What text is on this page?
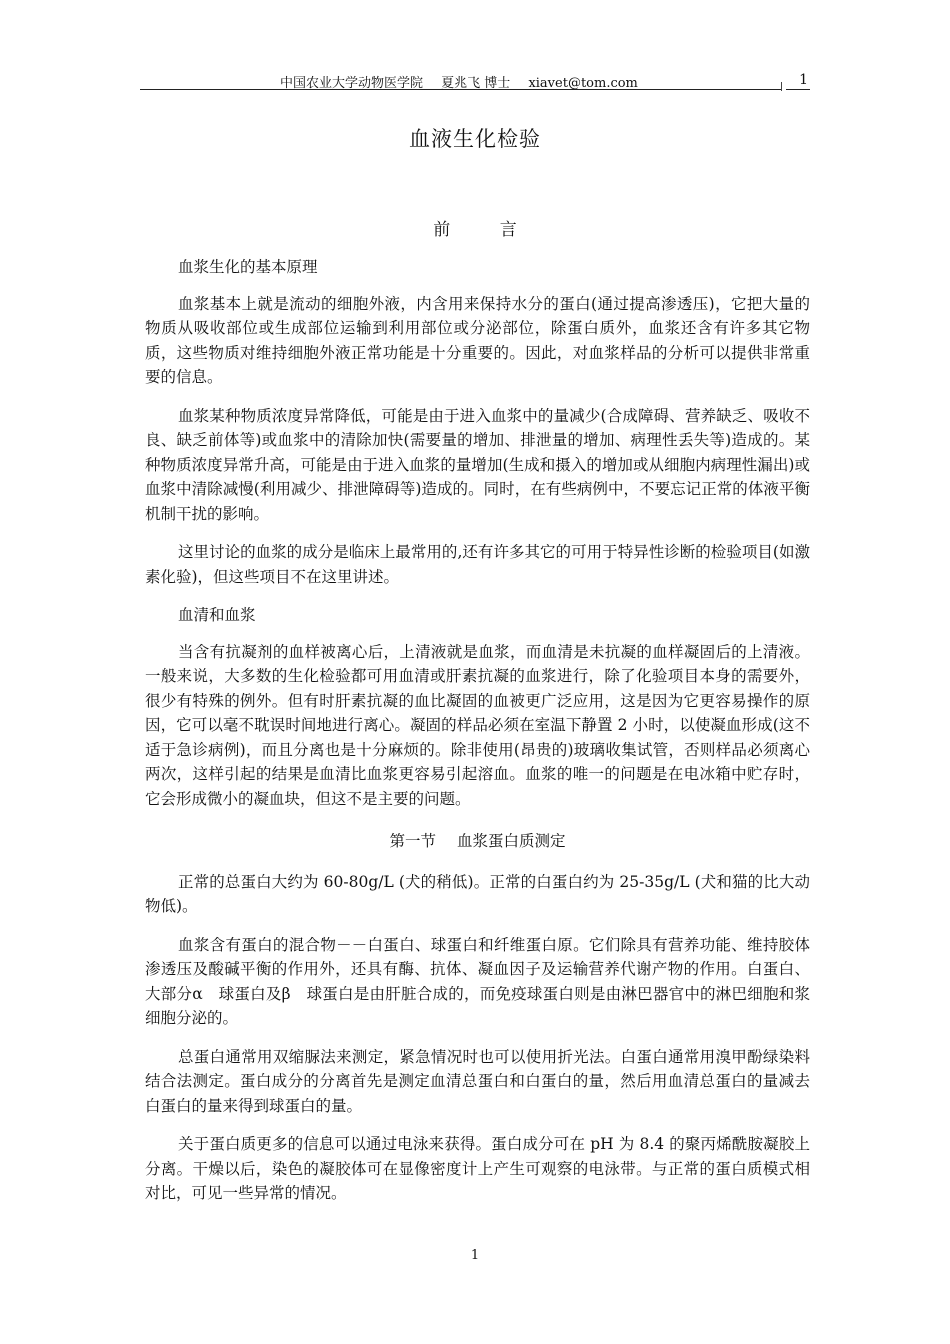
中国农业大学动物医学院 夏兆飞 博士 xiavet@tom.com	1
血液生化检验
前 言

血浆生化的基本原理

血浆基本上就是流动的细胞外液，内含用来保持水分的蛋白(通过提高渗透压)，它把大量的物质从吸收部位或生成部位运输到利用部位或分泌部位，除蛋白质外，血浆还含有许多其它物质，这些物质对维持细胞外液正常功能是十分重要的。因此，对血浆样品的分析可以提供非常重要的信息。

血浆某种物质浓度异常降低，可能是由于进入血浆中的量减少(合成障碍、营养缺乏、吸收不良、缺乏前体等)或血浆中的清除加快(需要量的增加、排泄量的增加、病理性丢失等)造成的。某种物质浓度异常升高，可能是由于进入血浆的量增加(生成和摄入的增加或从细胞内病理性漏出)或血浆中清除减慢(利用减少、排泄障碍等)造成的。同时，在有些病例中，不要忘记正常的体液平衡机制干扰的影响。

这里讨论的血浆的成分是临床上最常用的,还有许多其它的可用于特异性诊断的检验项目(如激素化验)，但这些项目不在这里讲述。

血清和血浆

当含有抗凝剂的血样被离心后，上清液就是血浆，而血清是未抗凝的血样凝固后的上清液。一般来说，大多数的生化检验都可用血清或肝素抗凝的血浆进行，除了化验项目本身的需要外，很少有特殊的例外。但有时肝素抗凝的血比凝固的血被更广泛应用，这是因为它更容易操作的原因，它可以毫不耽误时间地进行离心。凝固的样品必须在室温下静置 2 小时，以使凝血形成(这不适于急诊病例)，而且分离也是十分麻烦的。除非使用(昂贵的)玻璃收集试管，否则样品必须离心两次，这样引起的结果是血清比血浆更容易引起溶血。血浆的唯一的问题是在电冰箱中贮存时，它会形成微小的凝血块，但这不是主要的问题。

第一节 血浆蛋白质测定

正常的总蛋白大约为 60-80g/L (犬的稍低)。正常的白蛋白约为 25-35g/L (犬和猫的比大动物低)。

血浆含有蛋白的混合物－－白蛋白、球蛋白和纤维蛋白原。它们除具有营养功能、维持胶体渗透压及酸碱平衡的作用外，还具有酶、抗体、凝血因子及运输营养代谢产物的作用。白蛋白、大部分α　球蛋白及β　球蛋白是由肝脏合成的，而免疫球蛋白则是由淋巴器官中的淋巴细胞和浆细胞分泌的。

总蛋白通常用双缩脲法来测定，紧急情况时也可以使用折光法。白蛋白通常用溴甲酚绿染料结合法测定。蛋白成分的分离首先是测定血清总蛋白和白蛋白的量，然后用血清总蛋白的量减去白蛋白的量来得到球蛋白的量。

关于蛋白质更多的信息可以通过电泳来获得。蛋白成分可在 pH 为 8.4 的聚丙烯酰胺凝胶上分离。干燥以后，染色的凝胶体可在显像密度计上产生可观察的电泳带。与正常的蛋白质模式相对比，可见一些异常的情况。

1
